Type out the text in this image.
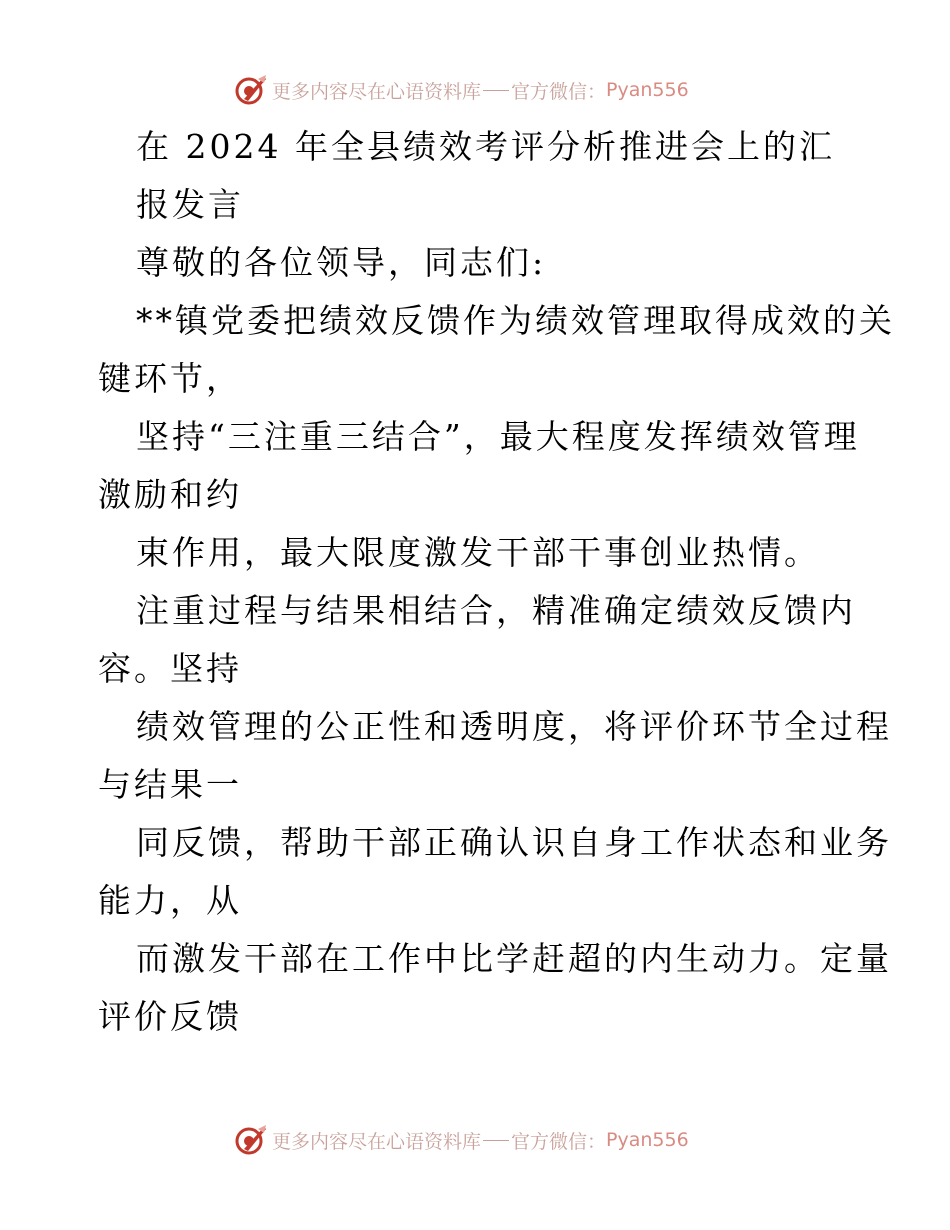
更多内容尽在心语资料库 官方微信： Pyan556
在 2024 年全县绩效考评分析推进会上的汇
报发言
尊敬的各位领导，同志们:
**镇党委把绩效反馈作为绩效管理取得成效的关
键环节，
坚持“三注重三结合”，最大程度发挥绩效管理
激励和约
束作用，最大限度激发干部干事创业热情。
注重过程与结果相结合，精准确定绩效反馈内
容。坚持
绩效管理的公正性和透明度，将评价环节全过程
与结果一
同反馈，帮助干部正确认识自身工作状态和业务
能力，从
而激发干部在工作中比学赶超的内生动力。定量
评价反馈
更多内容尽在心语资料库 官方微信： Pyan556
